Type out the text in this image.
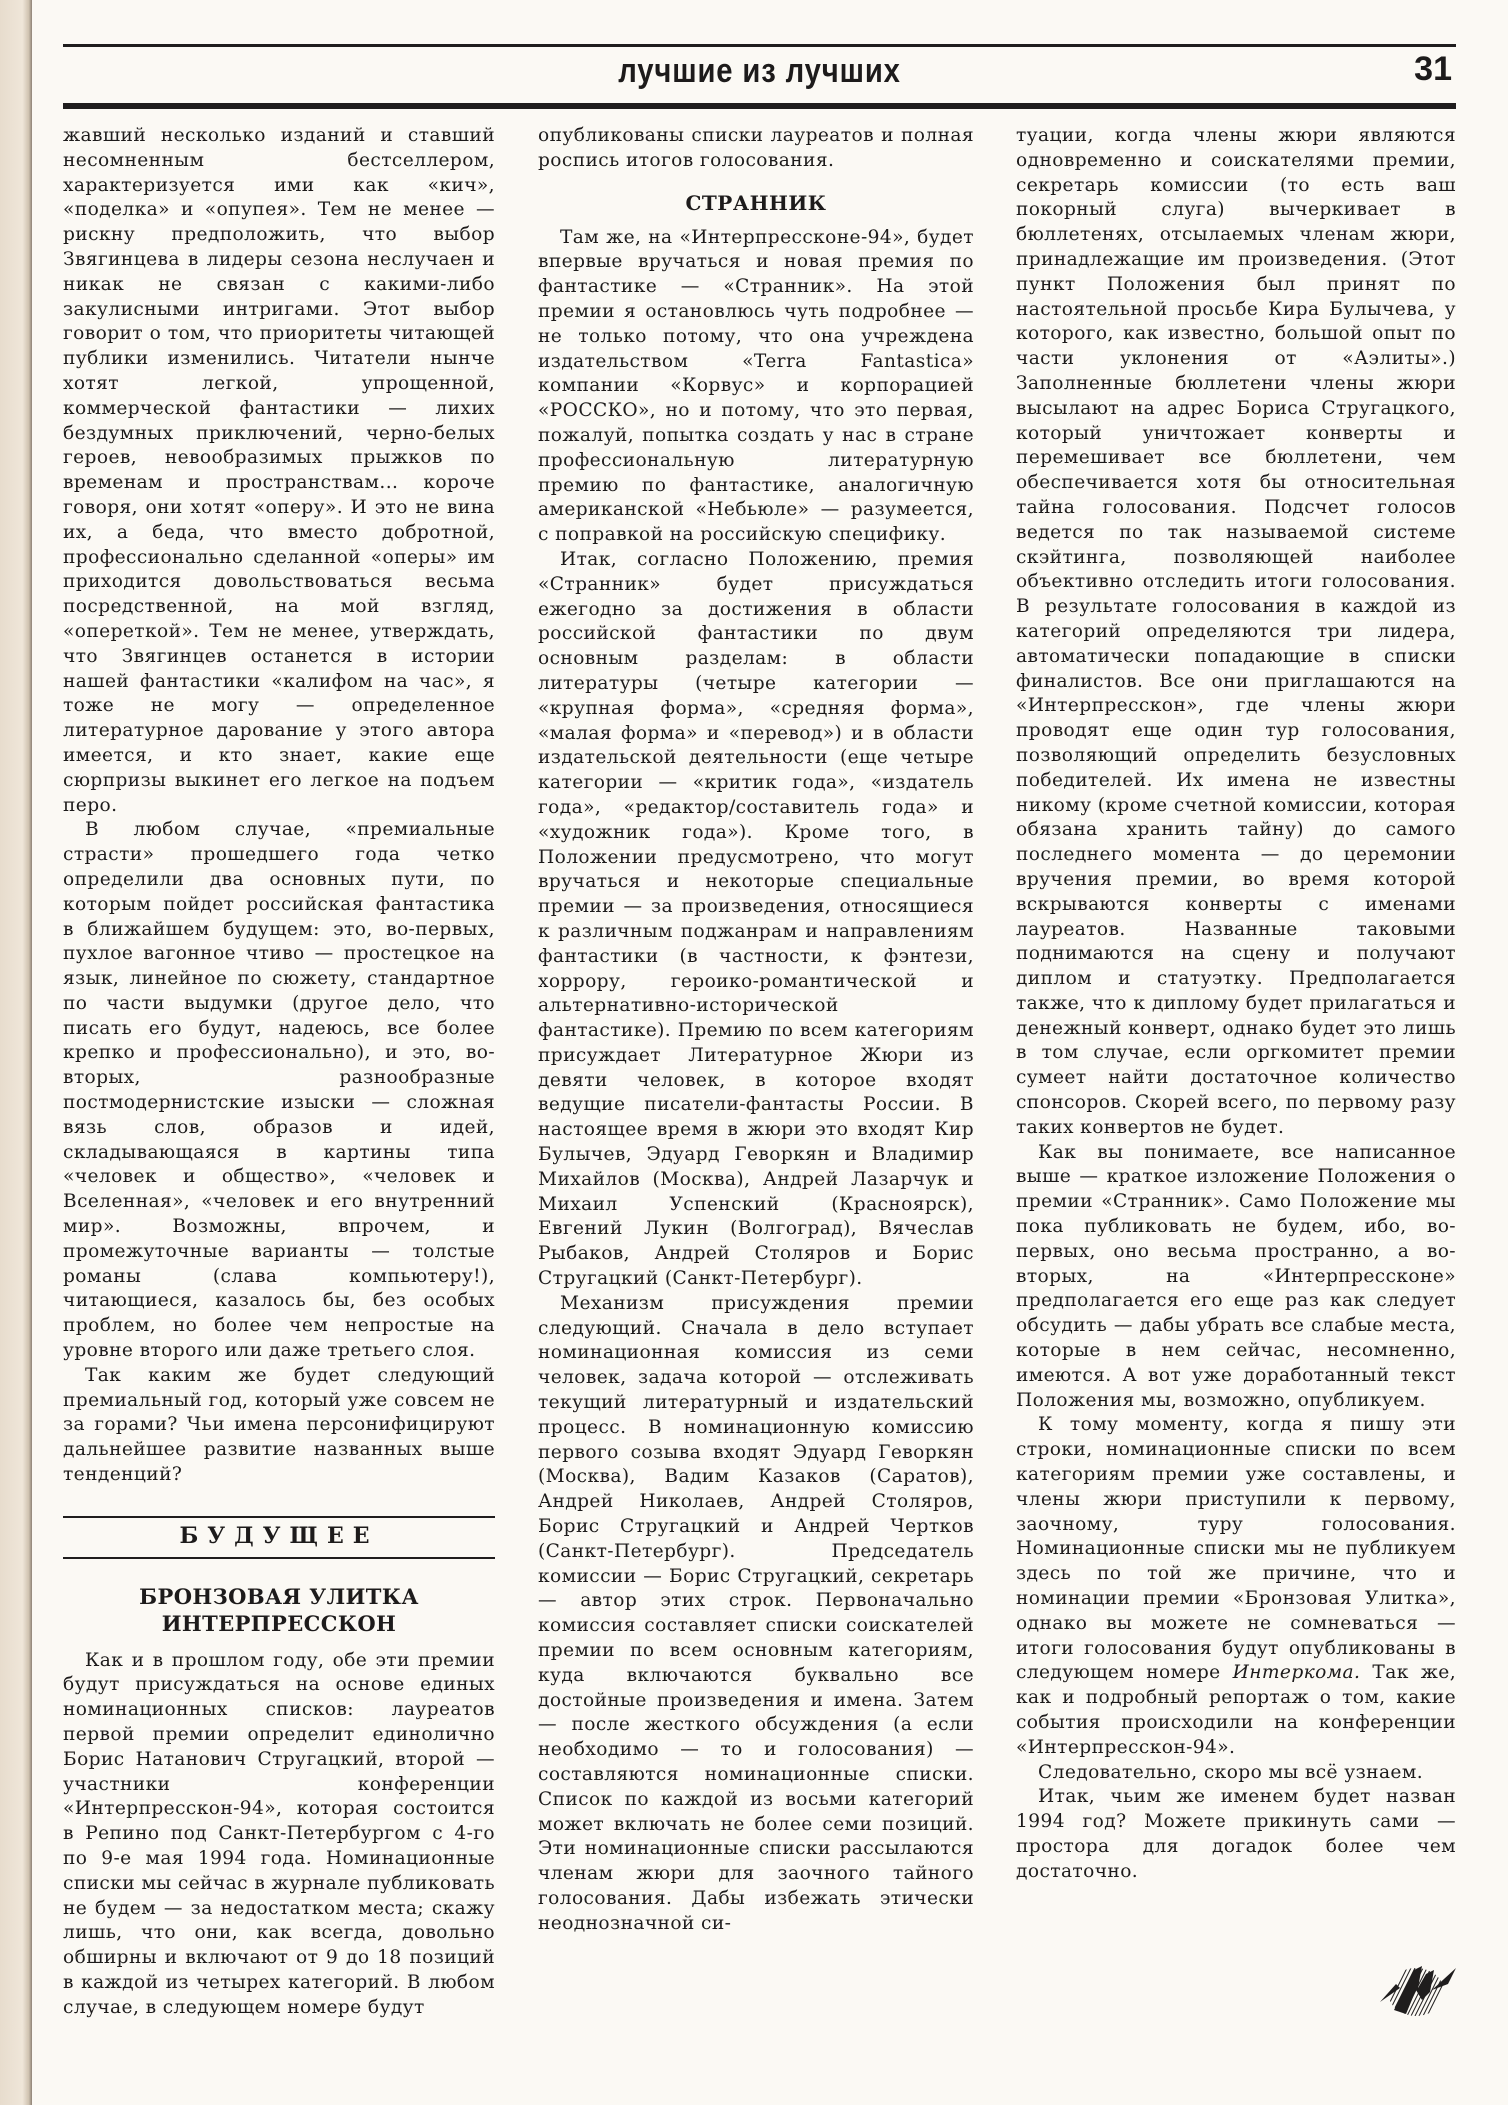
лучшие из лучших	31

жавший несколько изданий и ставший несомненным бестселлером, характеризуется ими как «кич», «поделка» и «опупея». Тем не менее — рискну предположить, что выбор Звягинцева в лидеры сезона неслучаен и никак не связан с какими-либо закулисными интригами. Этот выбор говорит о том, что приоритеты читающей публики изменились. Читатели нынче хотят легкой, упрощенной, коммерческой фантастики — лихих бездумных приключений, черно-белых героев, невообразимых прыжков по временам и пространствам... короче говоря, они хотят «оперу». И это не вина их, а беда, что вместо добротной, профессионально сделанной «оперы» им приходится довольствоваться весьма посредственной, на мой взгляд, «опереткой». Тем не менее, утверждать, что Звягинцев останется в истории нашей фантастики «калифом на час», я тоже не могу — определенное литературное дарование у этого автора имеется, и кто знает, какие еще сюрпризы выкинет его легкое на подъем перо.

В любом случае, «премиальные страсти» прошедшего года четко определили два основных пути, по которым пойдет российская фантастика в ближайшем будущем: это, во-первых, пухлое вагонное чтиво — простецкое на язык, линейное по сюжету, стандартное по части выдумки (другое дело, что писать его будут, надеюсь, все более крепко и профессионально), и это, во-вторых, разнообразные постмодернистские изыски — сложная вязь слов, образов и идей, складывающаяся в картины типа «человек и общество», «человек и Вселенная», «человек и его внутренний мир». Возможны, впрочем, и промежуточные варианты — толстые романы (слава компьютеру!), читающиеся, казалось бы, без особых проблем, но более чем непростые на уровне второго или даже третьего слоя.

Так каким же будет следующий премиальный год, который уже совсем не за горами? Чьи имена персонифицируют дальнейшее развитие названных выше тенденций?

БУДУЩЕЕ
БРОНЗОВАЯ УЛИТКА
ИНТЕРПРЕССКОН

Как и в прошлом году, обе эти премии будут присуждаться на основе единых номинационных списков: лауреатов первой премии определит единолично Борис Натанович Стругацкий, второй — участники конференции «Интерпресскон-94», которая состоится в Репино под Санкт-Петербургом с 4-го по 9-е мая 1994 года. Номинационные списки мы сейчас в журнале публиковать не будем — за недостатком места; скажу лишь, что они, как всегда, довольно обширны и включают от 9 до 18 позиций в каждой из четырех категорий. В любом случае, в следующем номере будут

опубликованы списки лауреатов и полная роспись итогов голосования.

СТРАННИК

Там же, на «Интерпрессконе-94», будет впервые вручаться и новая премия по фантастике — «Странник». На этой премии я остановлюсь чуть подробнее — не только потому, что она учреждена издательством «Terra Fantastica» компании «Корвус» и корпорацией «РОССКО», но и потому, что это первая, пожалуй, попытка создать у нас в стране профессиональную литературную премию по фантастике, аналогичную американской «Небьюле» — разумеется, с поправкой на российскую специфику.

Итак, согласно Положению, премия «Странник» будет присуждаться ежегодно за достижения в области российской фантастики по двум основным разделам: в области литературы (четыре категории — «крупная форма», «средняя форма», «малая форма» и «перевод») и в области издательской деятельности (еще четыре категории — «критик года», «издатель года», «редактор/составитель года» и «художник года»). Кроме того, в Положении предусмотрено, что могут вручаться и некоторые специальные премии — за произведения, относящиеся к различным поджанрам и направлениям фантастики (в частности, к фэнтези, хоррору, героико-романтической и альтернативно-исторической фантастике). Премию по всем категориям присуждает Литературное Жюри из девяти человек, в которое входят ведущие писатели-фантасты России. В настоящее время в жюри это входят Кир Булычев, Эдуард Геворкян и Владимир Михайлов (Москва), Андрей Лазарчук и Михаил Успенский (Красноярск), Евгений Лукин (Волгоград), Вячеслав Рыбаков, Андрей Столяров и Борис Стругацкий (Санкт-Петербург).

Механизм присуждения премии следующий. Сначала в дело вступает номинационная комиссия из семи человек, задача которой — отслеживать текущий литературный и издательский процесс. В номинационную комиссию первого созыва входят Эдуард Геворкян (Москва), Вадим Казаков (Саратов), Андрей Николаев, Андрей Столяров, Борис Стругацкий и Андрей Чертков (Санкт-Петербург). Председатель комиссии — Борис Стругацкий, секретарь — автор этих строк. Первоначально комиссия составляет списки соискателей премии по всем основным категориям, куда включаются буквально все достойные произведения и имена. Затем — после жесткого обсуждения (а если необходимо — то и голосования) — составляются номинационные списки. Список по каждой из восьми категорий может включать не более семи позиций. Эти номинационные списки рассылаются членам жюри для заочного тайного голосования. Дабы избежать этически неоднозначной си-

туации, когда члены жюри являются одновременно и соискателями премии, секретарь комиссии (то есть ваш покорный слуга) вычеркивает в бюллетенях, отсылаемых членам жюри, принадлежащие им произведения. (Этот пункт Положения был принят по настоятельной просьбе Кира Булычева, у которого, как известно, большой опыт по части уклонения от «Аэлиты».) Заполненные бюллетени члены жюри высылают на адрес Бориса Стругацкого, который уничтожает конверты и перемешивает все бюллетени, чем обеспечивается хотя бы относительная тайна голосования. Подсчет голосов ведется по так называемой системе скэйтинга, позволяющей наиболее объективно отследить итоги голосования. В результате голосования в каждой из категорий определяются три лидера, автоматически попадающие в списки финалистов. Все они приглашаются на «Интерпресскон», где члены жюри проводят еще один тур голосования, позволяющий определить безусловных победителей. Их имена не известны никому (кроме счетной комиссии, которая обязана хранить тайну) до самого последнего момента — до церемонии вручения премии, во время которой вскрываются конверты с именами лауреатов. Названные таковыми поднимаются на сцену и получают диплом и статуэтку. Предполагается также, что к диплому будет прилагаться и денежный конверт, однако будет это лишь в том случае, если оргкомитет премии сумеет найти достаточное количество спонсоров. Скорей всего, по первому разу таких конвертов не будет.

Как вы понимаете, все написанное выше — краткое изложение Положения о премии «Странник». Само Положение мы пока публиковать не будем, ибо, во-первых, оно весьма пространно, а во-вторых, на «Интерпрессконе» предполагается его еще раз как следует обсудить — дабы убрать все слабые места, которые в нем сейчас, несомненно, имеются. А вот уже доработанный текст Положения мы, возможно, опубликуем.

К тому моменту, когда я пишу эти строки, номинационные списки по всем категориям премии уже составлены, и члены жюри приступили к первому, заочному, туру голосования. Номинационные списки мы не публикуем здесь по той же причине, что и номинации премии «Бронзовая Улитка», однако вы можете не сомневаться — итоги голосования будут опубликованы в следующем номере Интеркома. Так же, как и подробный репортаж о том, какие события происходили на конференции «Интерпресскон-94».

Следовательно, скоро мы всё узнаем.

Итак, чьим же именем будет назван 1994 год? Можете прикинуть сами — простора для догадок более чем достаточно.
